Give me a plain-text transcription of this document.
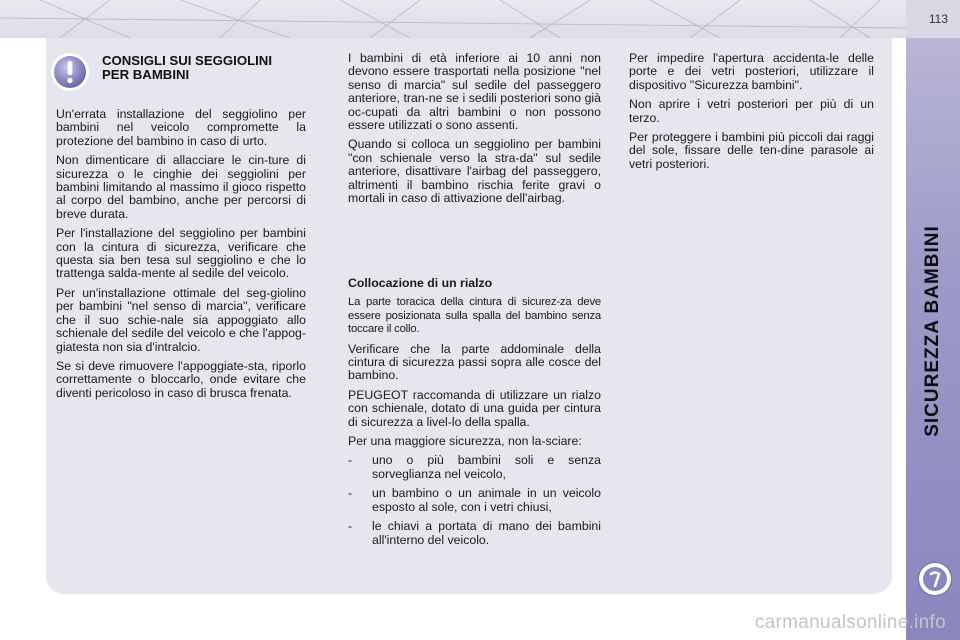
113
SICUREZZA BAMBINI
CONSIGLI SUI SEGGIOLINI PER BAMBINI

Un'errata installazione del seggiolino per bambini nel veicolo compromette la protezione del bambino in caso di urto.

Non dimenticare di allacciare le cin-ture di sicurezza o le cinghie dei seggiolini per bambini limitando al massimo il gioco rispetto al corpo del bambino, anche per percorsi di breve durata.

Per l'installazione del seggiolino per bambini con la cintura di sicurezza, verificare che questa sia ben tesa sul seggiolino e che lo trattenga salda-mente al sedile del veicolo.

Per un'installazione ottimale del seg-giolino per bambini "nel senso di marcia", verificare che il suo schie-nale sia appoggiato allo schienale del sedile del veicolo e che l'appog-giatesta non sia d'intralcio.

Se si deve rimuovere l'appoggiate-sta, riporlo correttamente o bloccarlo, onde evitare che diventi pericoloso in caso di brusca frenata.

I bambini di età inferiore ai 10 anni non devono essere trasportati nella posizione "nel senso di marcia" sul sedile del passeggero anteriore, tran-ne se i sedili posteriori sono già oc-cupati da altri bambini o non possono essere utilizzati o sono assenti.

Quando si colloca un seggiolino per bambini "con schienale verso la stra-da" sul sedile anteriore, disattivare l'airbag del passeggero, altrimenti il bambino rischia ferite gravi o mortali in caso di attivazione dell'airbag.

Collocazione di un rialzo

La parte toracica della cintura di sicurez-za deve essere posizionata sulla spalla del bambino senza toccare il collo.

Verificare che la parte addominale della cintura di sicurezza passi sopra alle cosce del bambino.

PEUGEOT raccomanda di utilizzare un rialzo con schienale, dotato di una guida per cintura di sicurezza a livel-lo della spalla.

Per una maggiore sicurezza, non la-sciare:

-	uno o più bambini soli e senza sorveglianza nel veicolo,
-	un bambino o un animale in un veicolo esposto al sole, con i vetri chiusi,
-	le chiavi a portata di mano dei bambini all'interno del veicolo.

Per impedire l'apertura accidenta-le delle porte e dei vetri posteriori, utilizzare il dispositivo "Sicurezza bambini".

Non aprire i vetri posteriori per più di un terzo.

Per proteggere i bambini più piccoli dai raggi del sole, fissare delle ten-dine parasole ai vetri posteriori.

carmanualsonline.info
